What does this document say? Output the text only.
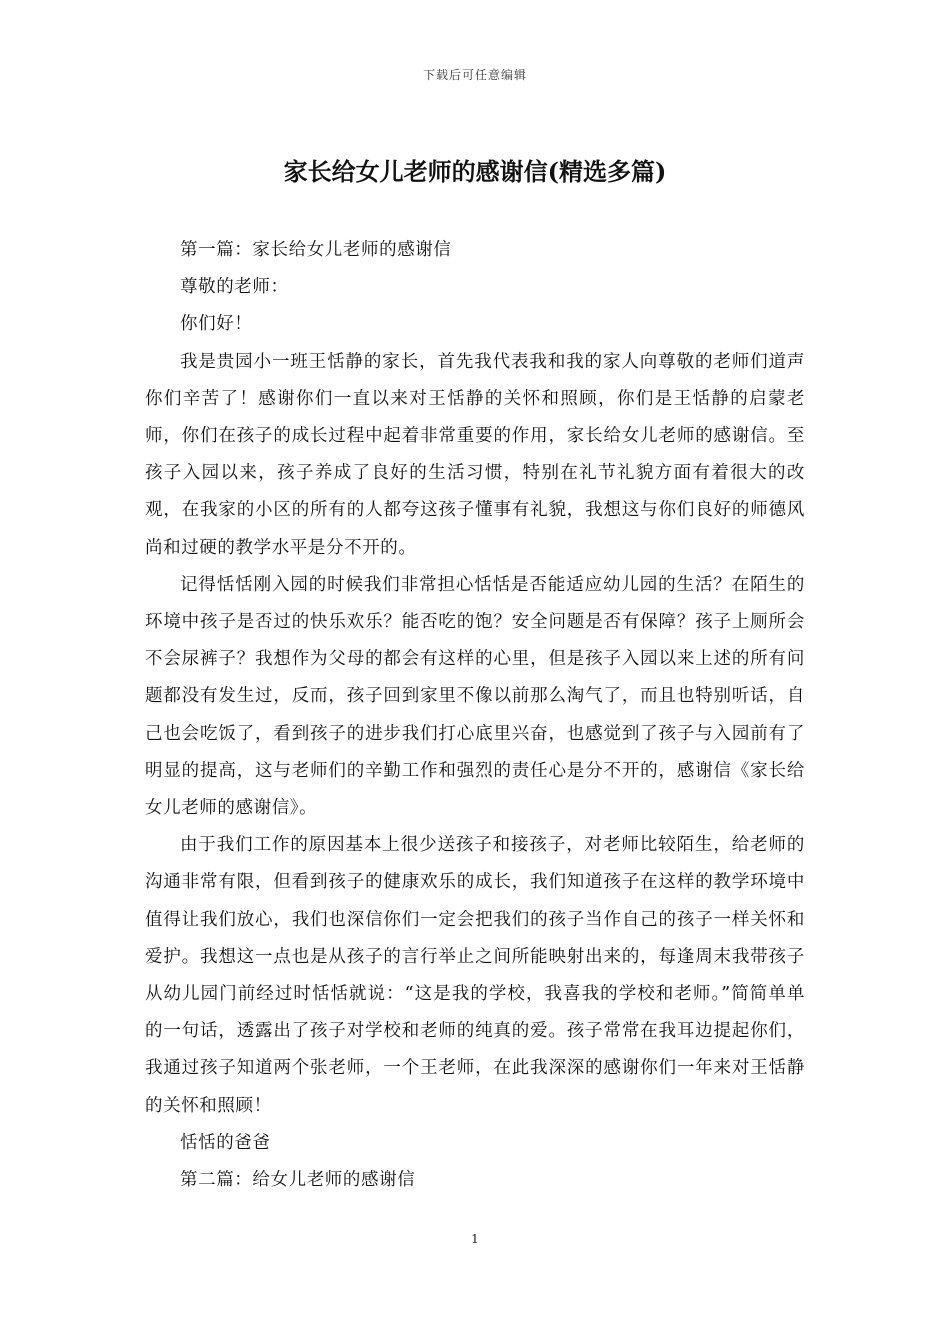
下载后可任意编辑
家长给女儿老师的感谢信(精选多篇)

第一篇：家长给女儿老师的感谢信

尊敬的老师：

你们好！

我是贵园小一班王恬静的家长，首先我代表我和我的家人向尊敬的老师们道声你们辛苦了！感谢你们一直以来对王恬静的关怀和照顾，你们是王恬静的启蒙老师，你们在孩子的成长过程中起着非常重要的作用，家长给女儿老师的感谢信。至孩子入园以来，孩子养成了良好的生活习惯，特别在礼节礼貌方面有着很大的改观，在我家的小区的所有的人都夸这孩子懂事有礼貌，我想这与你们良好的师德风尚和过硬的教学水平是分不开的。

记得恬恬刚入园的时候我们非常担心恬恬是否能适应幼儿园的生活？在陌生的环境中孩子是否过的快乐欢乐？能否吃的饱？安全问题是否有保障？孩子上厕所会不会尿裤子？我想作为父母的都会有这样的心里，但是孩子入园以来上述的所有问题都没有发生过，反而，孩子回到家里不像以前那么淘气了，而且也特别听话，自己也会吃饭了，看到孩子的进步我们打心底里兴奋，也感觉到了孩子与入园前有了明显的提高，这与老师们的辛勤工作和强烈的责任心是分不开的，感谢信《家长给女儿老师的感谢信》。

由于我们工作的原因基本上很少送孩子和接孩子，对老师比较陌生，给老师的沟通非常有限，但看到孩子的健康欢乐的成长，我们知道孩子在这样的教学环境中值得让我们放心，我们也深信你们一定会把我们的孩子当作自己的孩子一样关怀和爱护。我想这一点也是从孩子的言行举止之间所能映射出来的，每逢周末我带孩子从幼儿园门前经过时恬恬就说：“这是我的学校，我喜我的学校和老师。”简简单单的一句话，透露出了孩子对学校和老师的纯真的爱。孩子常常在我耳边提起你们，我通过孩子知道两个张老师，一个王老师，在此我深深的感谢你们一年来对王恬静的关怀和照顾！

恬恬的爸爸

第二篇：给女儿老师的感谢信

1
